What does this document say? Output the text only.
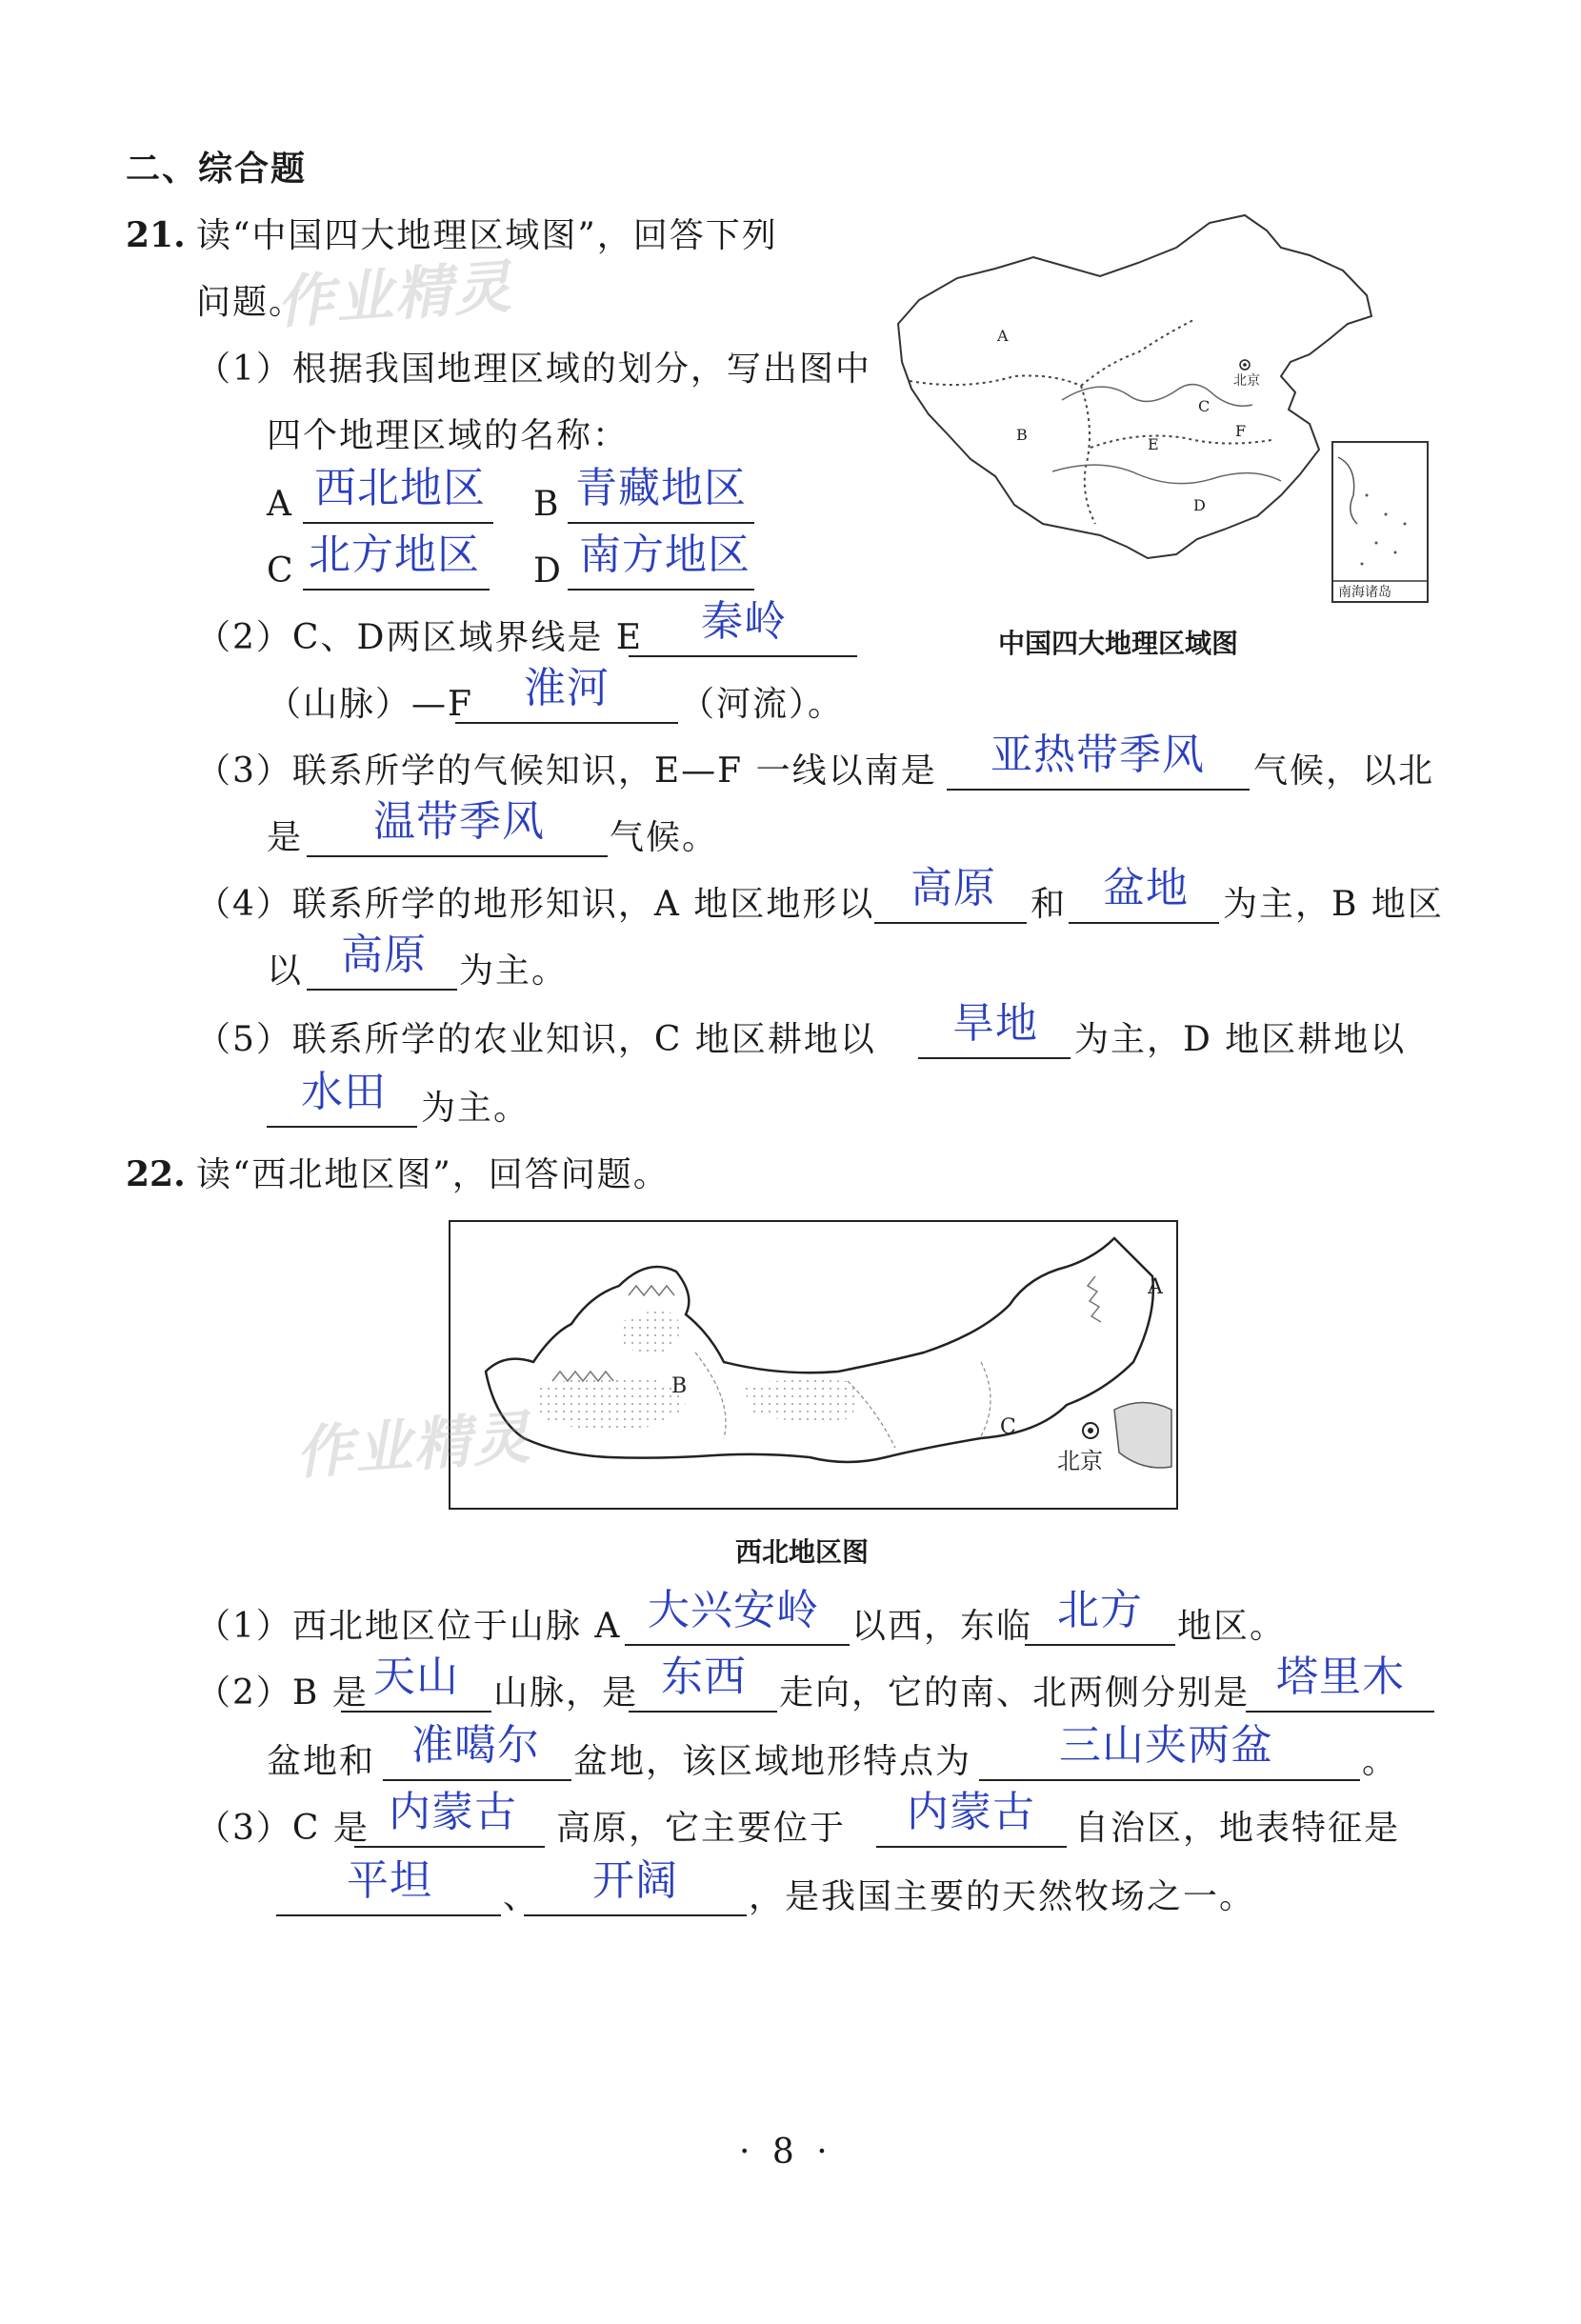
二、综合题
21. 读“中国四大地理区域图”，回答下列
问题。
作业精灵
北京
A
B
C
D
E
F
南海诸岛
中国四大地理区域图
（1）根据我国地理区域的划分，写出图中
四个地理区域的名称：
A 西北地区 B 青藏地区
C 北方地区 D 南方地区
（2）C、D两区域界线是 E 秦岭
（山脉）—F 淮河 （河流）。
（3）联系所学的气候知识，E—F 一线以南是 亚热带季风 气候，以北
是 温带季风 气候。
（4）联系所学的地形知识，A 地区地形以 高原 和 盆地 为主，B 地区
以 高原 为主。
（5）联系所学的农业知识，C 地区耕地以 旱地 为主，D 地区耕地以
水田 为主。
22. 读“西北地区图”，回答问题。
北京
A
B
C
作业精灵
西北地区图
（1）西北地区位于山脉 A 大兴安岭 以西，东临 北方 地区。
（2）B 是 天山 山脉，是 东西 走向，它的南、北两侧分别是 塔里木
盆地和 准噶尔 盆地，该区域地形特点为 三山夹两盆	。
（3）C 是 内蒙古 高原，它主要位于 内蒙古 自治区，地表特征是
平坦 、 开阔 ，是我国主要的天然牧场之一。
· 8 ·
